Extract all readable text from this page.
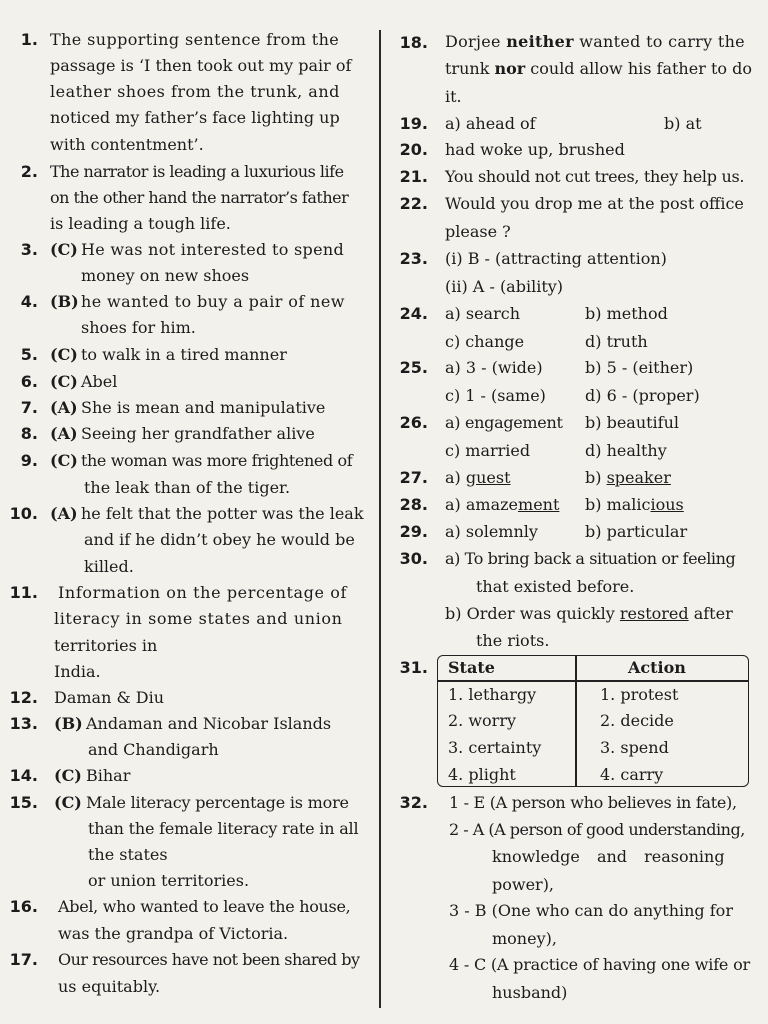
1. The supporting sentence from the
passage is ‘I then took out my pair of
leather shoes from the trunk, and
noticed my father’s face lighting up
with contentment’.
2. The narrator is leading a luxurious life
on the other hand the narrator’s father
is leading a tough life.
3. (C) He was not interested to spend
money on new shoes
4. (B) he wanted to buy a pair of new
shoes for him.
5. (C) to walk in a tired manner
6. (C) Abel
7. (A) She is mean and manipulative
8. (A) Seeing her grandfather alive
9. (C) the woman was more frightened of
the leak than of the tiger.
10. (A) he felt that the potter was the leak
and if he didn’t obey he would be
killed.
11. Information on the percentage of
literacy in some states and union
territories in
India.
12. Daman & Diu
13. (B) Andaman and Nicobar Islands
and Chandigarh
14. (C) Bihar
15. (C) Male literacy percentage is more
than the female literacy rate in all
the states
or union territories.
16. Abel, who wanted to leave the house,
was the grandpa of Victoria.
17. Our resources have not been shared by
us equitably.
18. Dorjee neither wanted to carry the
trunk nor could allow his father to do
it.
19. a) ahead of	b) at
20. had woke up, brushed
21. You should not cut trees, they help us.
22. Would you drop me at the post office
please ?
23. (i) B - (attracting attention)
(ii) A - (ability)
24. a) search	b) method
c) change	d) truth
25. a) 3 - (wide)	b) 5 - (either)
c) 1 - (same) d) 6 - (proper)
26. a) engagement b) beautiful
c) married	d) healthy
27. a) guest	b) speaker
28. a) amazement b) malicious
29. a) solemnly	b) particular
30. a) To bring back a situation or feeling
that existed before.
b) Order was quickly restored after
the riots.
31. State	Action
1. lethargy	1. protest
2. worry	2. decide
3. certainty	3. spend
4. plight	4. carry
32. 1 - E (A person who believes in fate),
2 - A (A person of good understanding,
knowledge and reasoning
power),
3 - B (One who can do anything for
money),
4 - C (A practice of having one wife or
husband)
